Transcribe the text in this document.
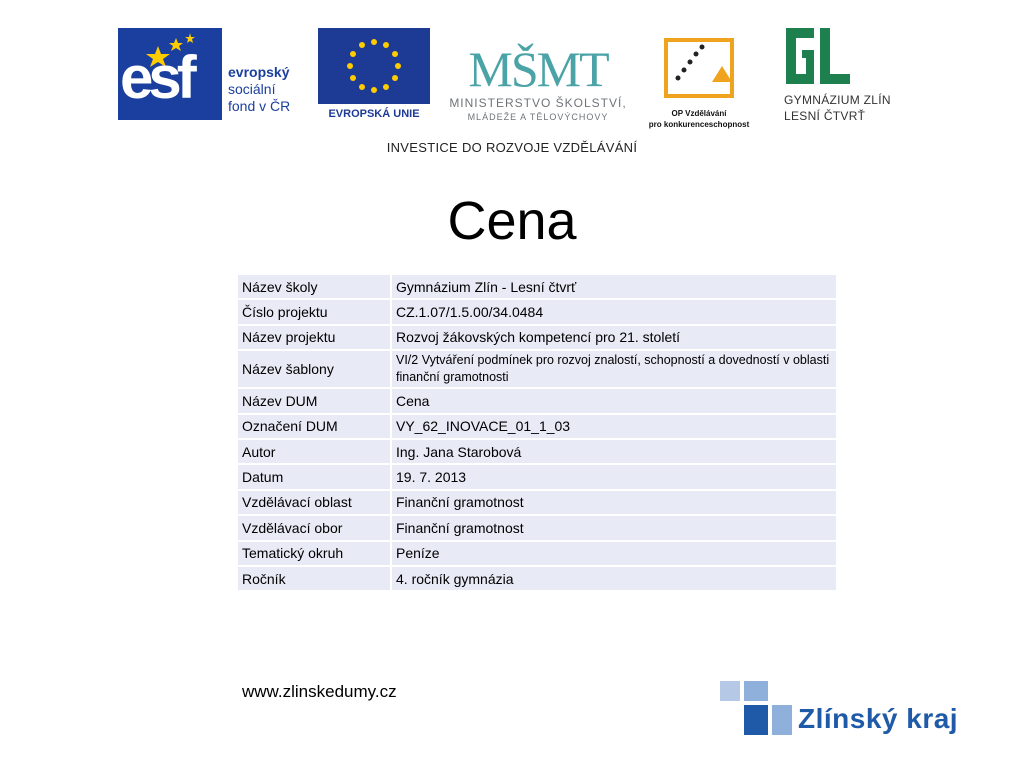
esf	evropský
sociální
fond v ČR	EVROPSKÁ UNIE
MŠMT
MINISTERSTVO ŠKOLSTVÍ,
MLÁDEŽE A TĚLOVÝCHOVY	OP Vzdělávání
pro konkurenceschopnost
GYMNÁZIUM ZLÍN
LESNÍ ČTVRŤ
INVESTICE DO ROZVOJE VZDĚLÁVÁNÍ
Cena
Název školy	Gymnázium Zlín - Lesní čtvrť
Číslo projektu	CZ.1.07/1.5.00/34.0484
Název projektu	Rozvoj žákovských kompetencí pro 21. století
Název šablony	VI/2 Vytváření podmínek pro rozvoj znalostí, schopností a dovedností v oblasti finanční gramotnosti
Název DUM	Cena
Označení DUM	VY_62_INOVACE_01_1_03
Autor	Ing. Jana Starobová
Datum	19. 7. 2013
Vzdělávací oblast	Finanční gramotnost
Vzdělávací obor	Finanční gramotnost
Tematický okruh	Peníze
Ročník	4. ročník gymnázia
www.zlinskedumy.cz
Zlínský kraj
